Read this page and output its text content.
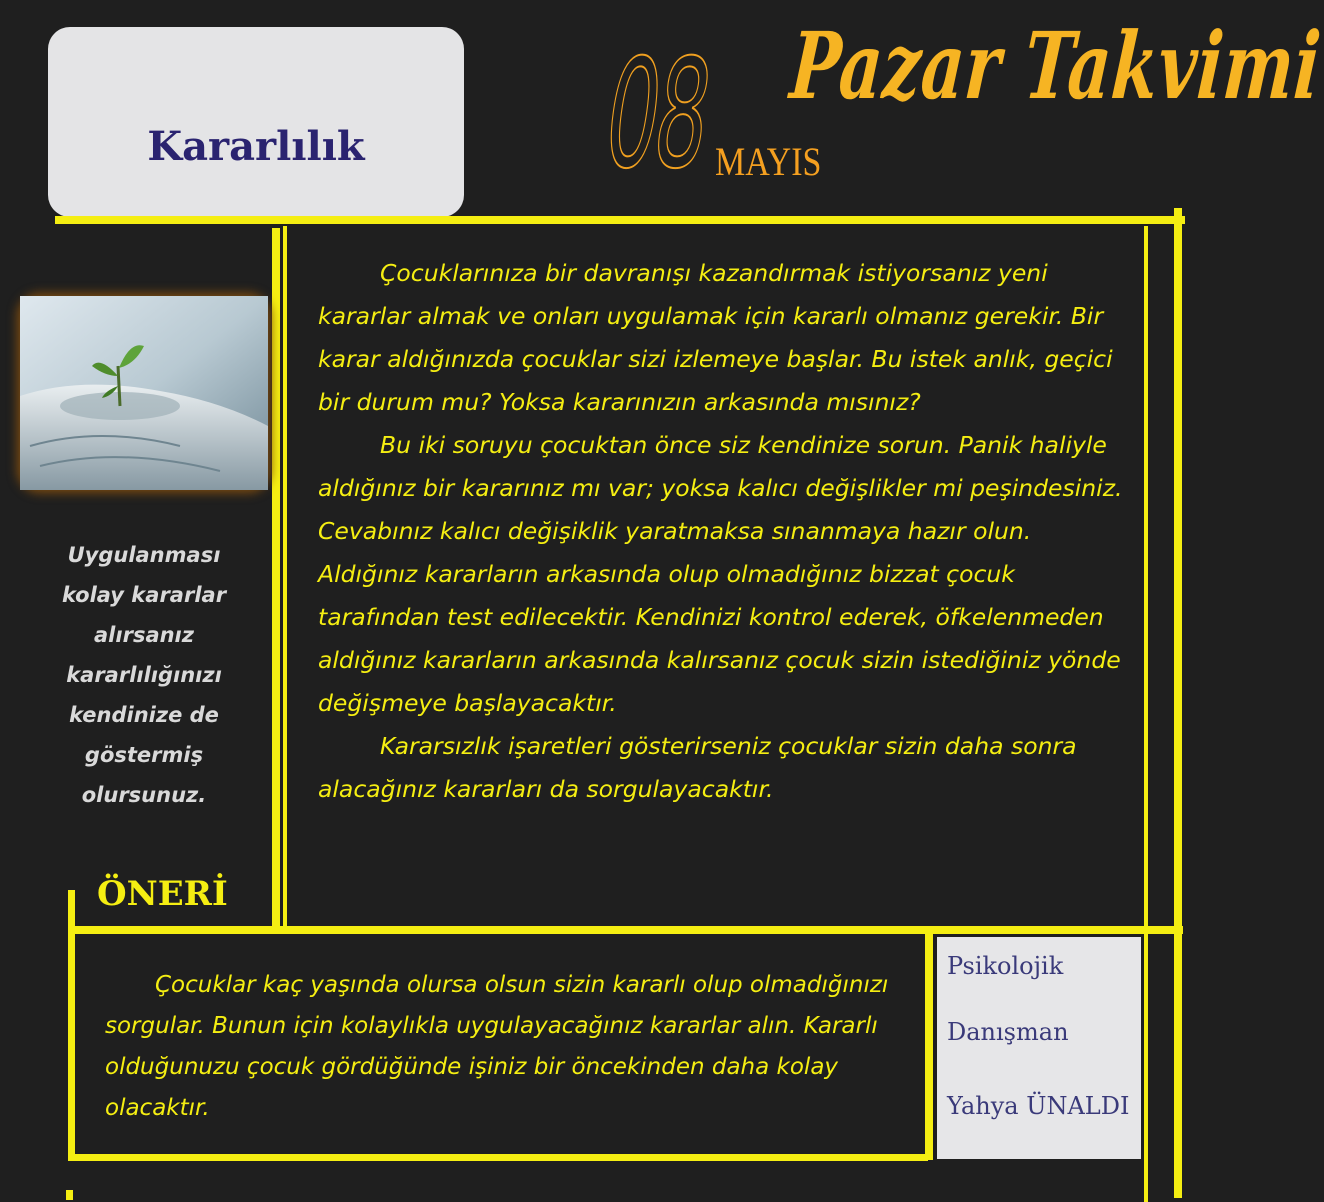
Kararlılık	08
MAYIS
Pazar Takvimi
Uygulanması
kolay kararlar
alırsanız
kararlılığınızı
kendinize de
göstermiş
olursunuz.

Çocuklarınıza bir davranışı kazandırmak istiyorsanız yeni kararlar almak ve onları uygulamak için kararlı olmanız gerekir. Bir karar aldığınızda çocuklar sizi izlemeye başlar. Bu istek anlık, geçici bir durum mu? Yoksa kararınızın arkasında mısınız?

Bu iki soruyu çocuktan önce siz kendinize sorun. Panik haliyle aldığınız bir kararınız mı var; yoksa kalıcı değişlikler mi peşindesiniz. Cevabınız kalıcı değişiklik yaratmaksa sınanmaya hazır olun. Aldığınız kararların arkasında olup olmadığınız bizzat çocuk tarafından test edilecektir. Kendinizi kontrol ederek, öfkelenmeden aldığınız kararların arkasında kalırsanız çocuk sizin istediğiniz yönde değişmeye başlayacaktır.

Kararsızlık işaretleri gösterirseniz çocuklar sizin daha sonra alacağınız kararları da sorgulayacaktır.

ÖNERİ

Çocuklar kaç yaşında olursa olsun sizin kararlı olup olmadığınızı sorgular. Bunun için kolaylıkla uygulayacağınız kararlar alın. Kararlı olduğunuzu çocuk gördüğünde işiniz bir öncekinden daha kolay olacaktır.

Psikolojik
Danışman
Yahya ÜNALDI
